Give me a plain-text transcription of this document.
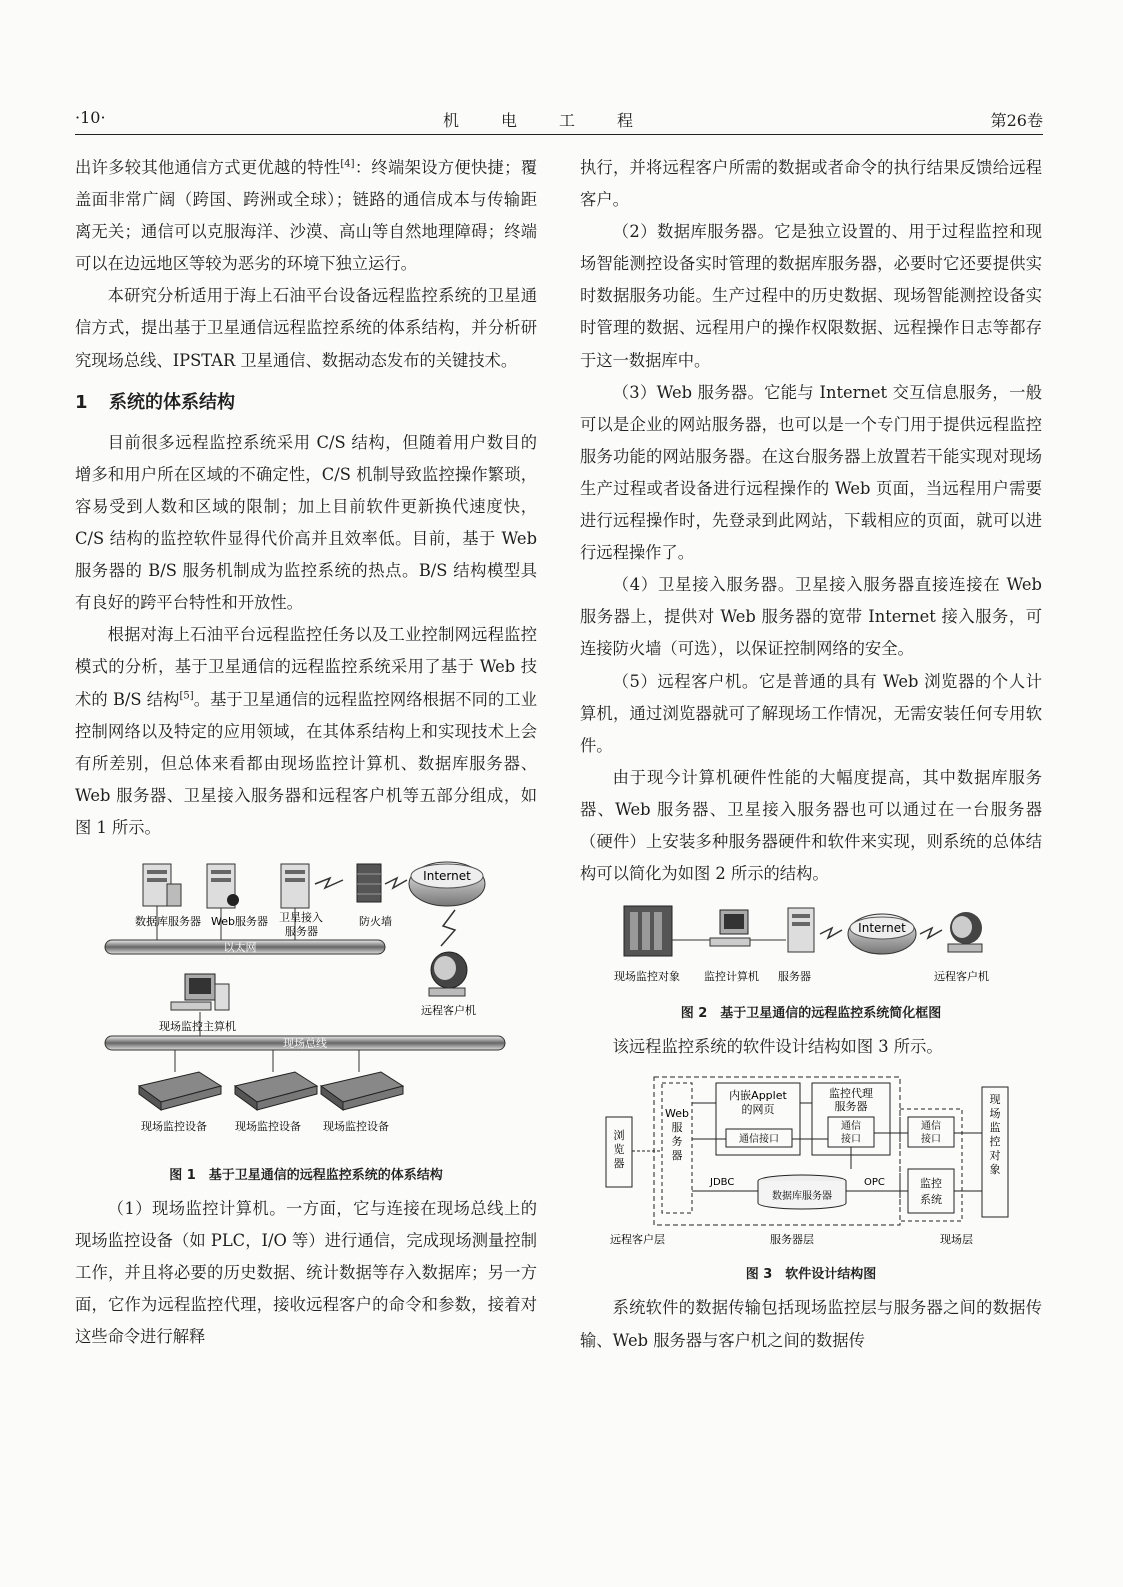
·10·	机电工程	第26卷

出许多较其他通信方式更优越的特性[4]：终端架设方便快捷；覆盖面非常广阔（跨国、跨洲或全球）；链路的通信成本与传输距离无关；通信可以克服海洋、沙漠、高山等自然地理障碍；终端可以在边远地区等较为恶劣的环境下独立运行。

本研究分析适用于海上石油平台设备远程监控系统的卫星通信方式，提出基于卫星通信远程监控系统的体系结构，并分析研究现场总线、IPSTAR 卫星通信、数据动态发布的关键技术。

1 系统的体系结构

目前很多远程监控系统采用 C/S 结构，但随着用户数目的增多和用户所在区域的不确定性，C/S 机制导致监控操作繁琐，容易受到人数和区域的限制；加上目前软件更新换代速度快，C/S 结构的监控软件显得代价高并且效率低。目前，基于 Web 服务器的 B/S 服务机制成为监控系统的热点。B/S 结构模型具有良好的跨平台特性和开放性。

根据对海上石油平台远程监控任务以及工业控制网远程监控模式的分析，基于卫星通信的远程监控系统采用了基于 Web 技术的 B/S 结构[5]。基于卫星通信的远程监控网络根据不同的工业控制网络以及特定的应用领域，在其体系结构上和实现技术上会有所差别，但总体来看都由现场监控计算机、数据库服务器、Web 服务器、卫星接入服务器和远程客户机等五部分组成，如图 1 所示。

Internet
数据库服务器 Web服务器 卫星接入
服务器
防火墙
以太网
远程客户机
现场监控主算机
现场总线
现场监控设备	现场监控设备 现场监控设备
图 1　基于卫星通信的远程监控系统的体系结构

（1）现场监控计算机。一方面，它与连接在现场总线上的现场监控设备（如 PLC，I/O 等）进行通信，完成现场测量控制工作，并且将必要的历史数据、统计数据等存入数据库；另一方面，它作为远程监控代理，接收远程客户的命令和参数，接着对这些命令进行解释

执行，并将远程客户所需的数据或者命令的执行结果反馈给远程客户。

（2）数据库服务器。它是独立设置的、用于过程监控和现场智能测控设备实时管理的数据库服务器，必要时它还要提供实时数据服务功能。生产过程中的历史数据、现场智能测控设备实时管理的数据、远程用户的操作权限数据、远程操作日志等都存于这一数据库中。

（3）Web 服务器。它能与 Internet 交互信息服务，一般可以是企业的网站服务器，也可以是一个专门用于提供远程监控服务功能的网站服务器。在这台服务器上放置若干能实现对现场生产过程或者设备进行远程操作的 Web 页面，当远程用户需要进行远程操作时，先登录到此网站，下载相应的页面，就可以进行远程操作了。

（4）卫星接入服务器。卫星接入服务器直接连接在 Web 服务器上，提供对 Web 服务器的宽带 Internet 接入服务，可连接防火墙（可选），以保证控制网络的安全。

（5）远程客户机。它是普通的具有 Web 浏览器的个人计算机，通过浏览器就可了解现场工作情况，无需安装任何专用软件。

由于现今计算机硬件性能的大幅度提高，其中数据库服务器、Web 服务器、卫星接入服务器也可以通过在一台服务器（硬件）上安装多种服务器硬件和软件来实现，则系统的总体结构可以简化为如图 2 所示的结构。

Internet
现场监控对象 监控计算机 服务器	远程客户机
图 2　基于卫星通信的远程监控系统简化框图

该远程监控系统的软件设计结构如图 3 所示。

浏览器
Web 服务器
内嵌Applet
的网页
通信接口
监控代理
服务器
通信
接口
通信
接口
监控
系统
现场监控对象
数据库服务器
JDBC	OPC
远程客户层	服务器层	现场层
图 3　软件设计结构图

系统软件的数据传输包括现场监控层与服务器之间的数据传输、Web 服务器与客户机之间的数据传
